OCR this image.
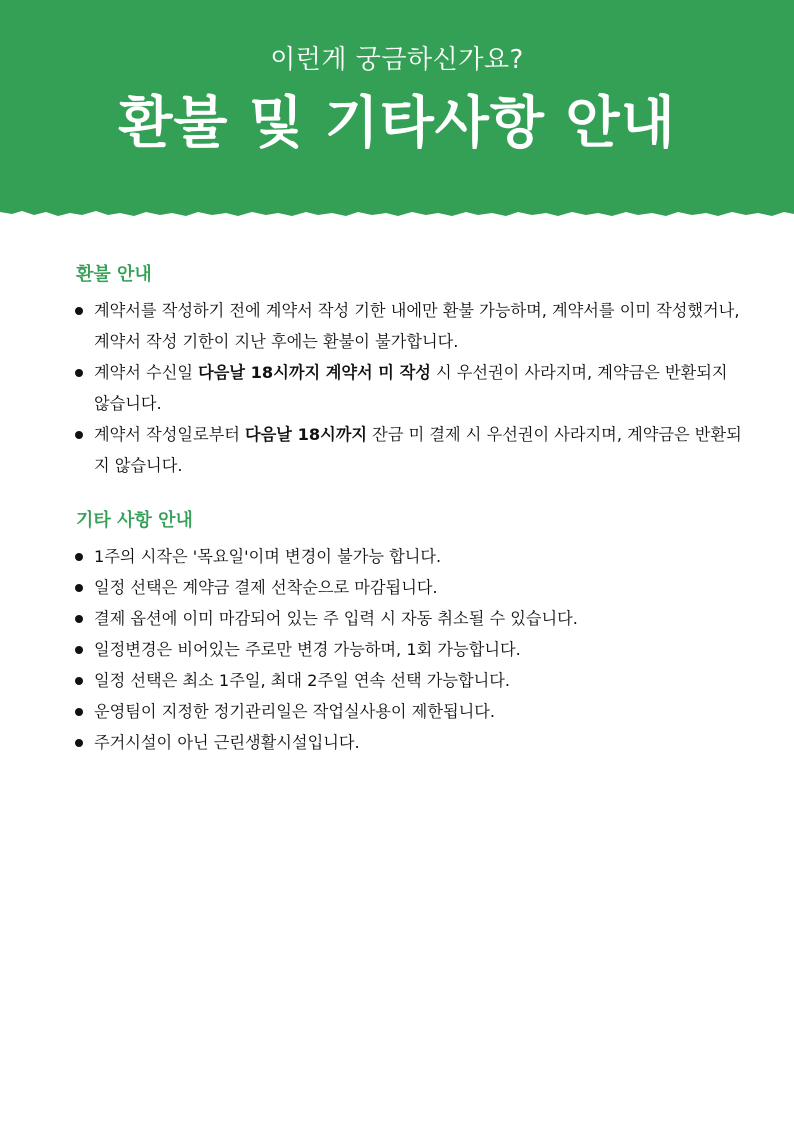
이런게 궁금하신가요?
환불 및 기타사항 안내
환불 안내
계약서를 작성하기 전에 계약서 작성 기한 내에만 환불 가능하며, 계약서를 이미 작성했거나, 계약서 작성 기한이 지난 후에는 환불이 불가합니다.
계약서 수신일 다음날 18시까지 계약서 미 작성 시 우선권이 사라지며, 계약금은 반환되지 않습니다.
계약서 작성일로부터 다음날 18시까지 잔금 미 결제 시 우선권이 사라지며, 계약금은 반환되지 않습니다.
기타 사항 안내
1주의 시작은 '목요일'이며 변경이 불가능 합니다.
일정 선택은 계약금 결제 선착순으로 마감됩니다.
결제 옵션에 이미 마감되어 있는 주 입력 시 자동 취소될 수 있습니다.
일정변경은 비어있는 주로만 변경 가능하며, 1회 가능합니다.
일정 선택은 최소 1주일, 최대 2주일 연속 선택 가능합니다.
운영팀이 지정한 정기관리일은 작업실사용이 제한됩니다.
주거시설이 아닌 근린생활시설입니다.
